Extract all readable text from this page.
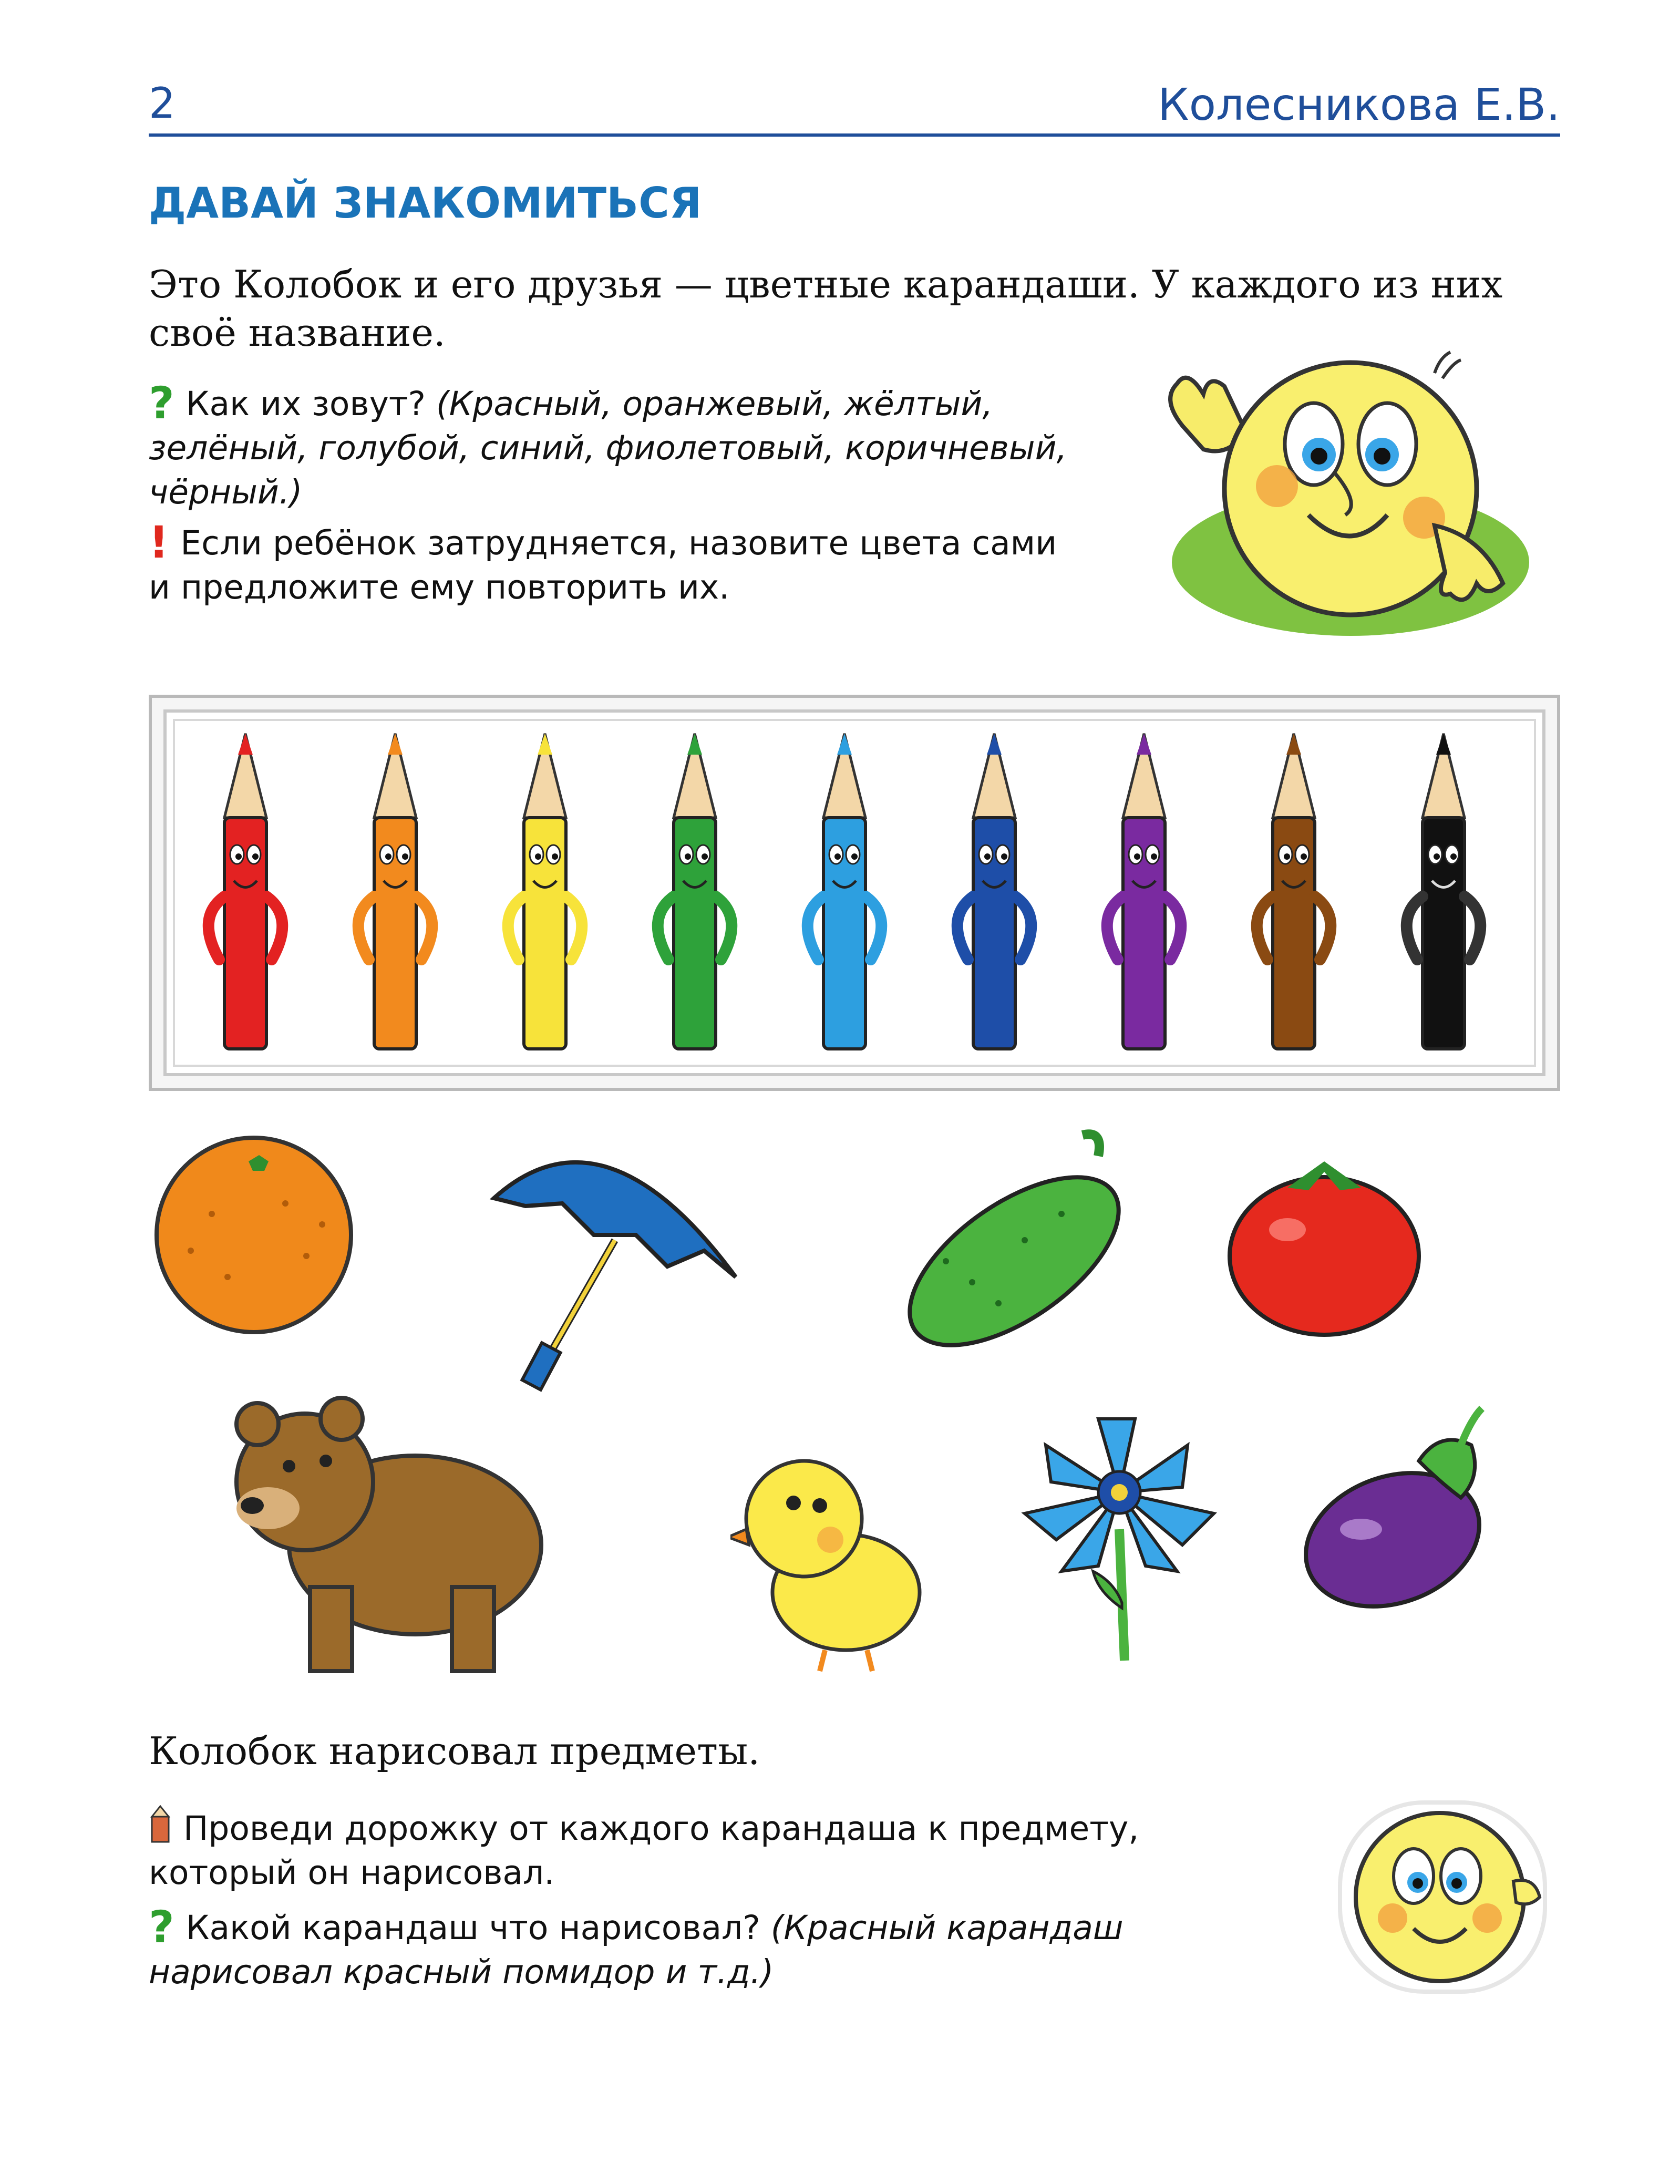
2	Колесникова Е.В.
ДАВАЙ ЗНАКОМИТЬСЯ
Это Колобок и его друзья — цветные карандаши. У каждого из них своё название.
? Как их зовут? (Красный, оранжевый, жёлтый, зелёный, голубой, синий, фиолетовый, коричневый, чёрный.)
! Если ребёнок затрудняется, назовите цвета сами и предложите ему повторить их.
Колобок нарисовал предметы.
Проведи дорожку от каждого карандаша к предмету, который он нарисовал.
? Какой карандаш что нарисовал? (Красный карандаш нарисовал красный помидор и т.д.)
